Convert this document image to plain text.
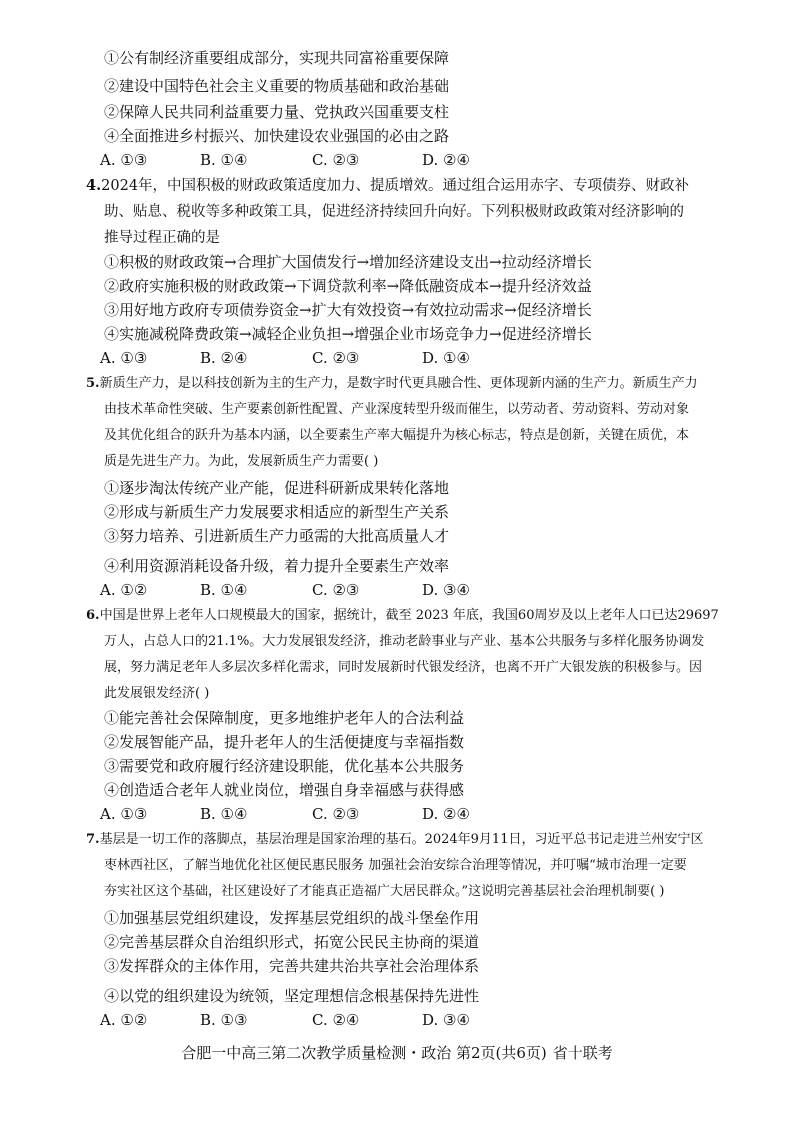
①公有制经济重要组成部分，实现共同富裕重要保障
②建设中国特色社会主义重要的物质基础和政治基础
②保障人民共同利益重要力量、党执政兴国重要支柱
④全面推进乡村振兴、加快建设农业强国的必由之路
A. ①③	B. ①④	C. ②③	D. ②④
4.2024年，中国积极的财政政策适度加力、提质增效。通过组合运用赤字、专项债券、财政补
助、贴息、税收等多种政策工具，促进经济持续回升向好。下列积极财政政策对经济影响的
推导过程正确的是
①积极的财政政策→合理扩大国债发行→增加经济建设支出→拉动经济增长
②政府实施积极的财政政策→下调贷款利率→降低融资成本→提升经济效益
③用好地方政府专项债券资金→扩大有效投资→有效拉动需求→促经济增长
④实施减税降费政策→减轻企业负担→增强企业市场竞争力→促进经济增长
A. ①③	B. ②④	C. ②③	D. ①④
5.新质生产力，是以科技创新为主的生产力，是数字时代更具融合性、更体现新内涵的生产力。新质生产力
由技术革命性突破、生产要素创新性配置、产业深度转型升级而催生，以劳动者、劳动资料、劳动对象
及其优化组合的跃升为基本内涵，以全要素生产率大幅提升为核心标志，特点是创新，关键在质优，本
质是先进生产力。为此，发展新质生产力需要( )
①逐步淘汰传统产业产能，促进科研新成果转化落地
②形成与新质生产力发展要求相适应的新型生产关系
③努力培养、引进新质生产力亟需的大批高质量人才
④利用资源消耗设备升级，着力提升全要素生产效率
A. ①②	B. ①④	C. ②③	D. ③④
6.中国是世界上老年人口规模最大的国家，据统计，截至 2023 年底，我国60周岁及以上老年人口已达29697
万人，占总人口的21.1%。大力发展银发经济，推动老龄事业与产业、基本公共服务与多样化服务协调发
展，努力满足老年人多层次多样化需求，同时发展新时代银发经济，也离不开广大银发族的积极参与。因
此发展银发经济( )
①能完善社会保障制度，更多地维护老年人的合法利益
②发展智能产品，提升老年人的生活便捷度与幸福指数
③需要党和政府履行经济建设职能，优化基本公共服务
④创造适合老年人就业岗位，增强自身幸福感与获得感
A. ①③	B. ①④	C. ②③	D. ②④
7.基层是一切工作的落脚点，基层治理是国家治理的基石。2024年9月11日，习近平总书记走进兰州安宁区
枣林西社区，了解当地优化社区便民惠民服务 加强社会治安综合治理等情况，并叮嘱“城市治理一定要
夯实社区这个基础，社区建设好了才能真正造福广大居民群众。”这说明完善基层社会治理机制要( )
①加强基层党组织建设，发挥基层党组织的战斗堡垒作用
②完善基层群众自治组织形式，拓宽公民民主协商的渠道
③发挥群众的主体作用，完善共建共治共享社会治理体系
④以党的组织建设为统领，坚定理想信念根基保持先进性
A. ①②	B. ①③	C. ②④	D. ③④
合肥一中高三第二次教学质量检测・政治 第2页(共6页) 省十联考
